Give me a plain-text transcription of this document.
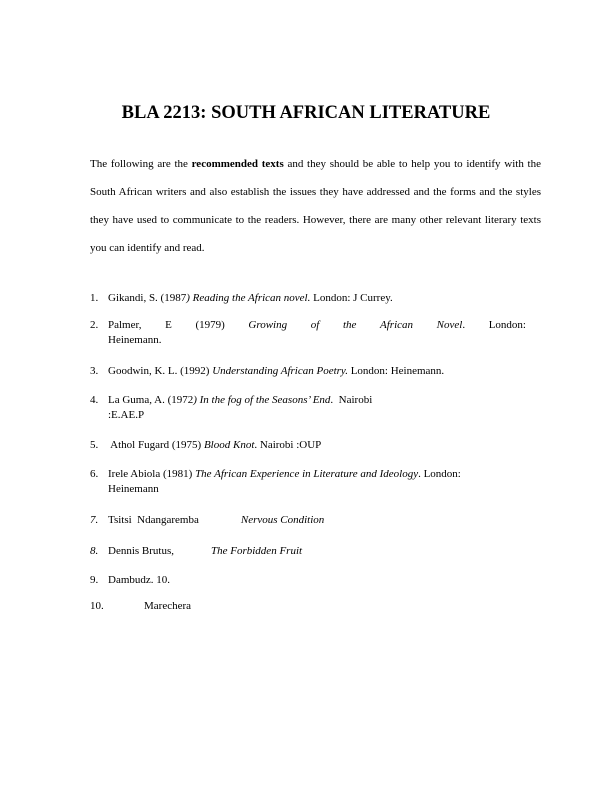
BLA 2213: SOUTH AFRICAN LITERATURE

The following are the recommended texts and they should be able to help you to identify with the South African writers and also establish the issues they have addressed and the forms and the styles they have used to communicate to the readers. However, there are many other relevant literary texts you can identify and read.

1. Gikandi, S. (1987) Reading the African novel. London: J Currey.
2. Palmer, E (1979) Growing of the African Novel. London:
Heinemann.
3. Goodwin, K. L. (1992) Understanding African Poetry. London: Heinemann.
4. La Guma, A. (1972) In the fog of the Seasons’ End.  Nairobi
:E.AE.P
5. Athol Fugard (1975) Blood Knot. Nairobi :OUP
6. Irele Abiola (1981) The African Experience in Literature and Ideology. London:
Heinemann
7. Tsitsi  Ndangaremba	Nervous Condition
8. Dennis Brutus,	The Forbidden Fruit
9. Dambudz. 10.
10.	Marechera
